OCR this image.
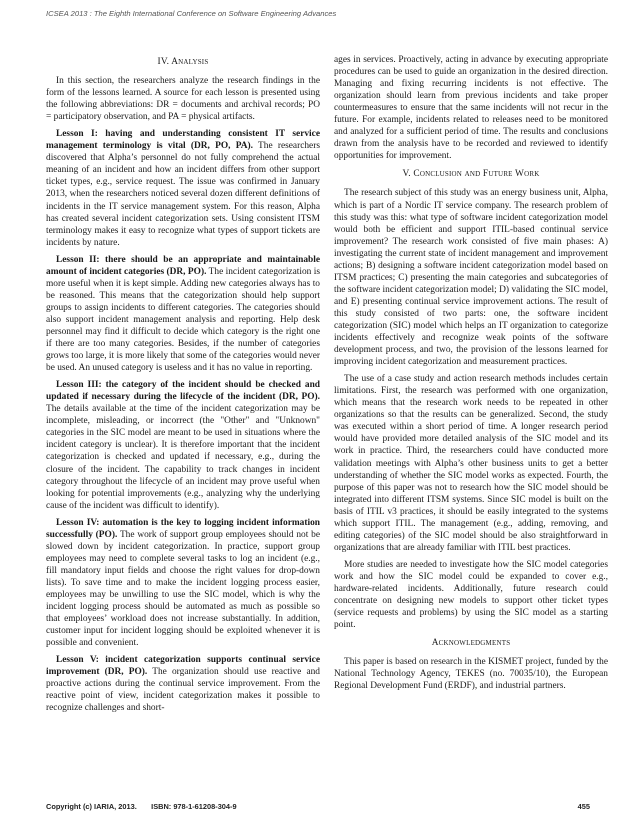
ICSEA 2013 : The Eighth International Conference on Software Engineering Advances
IV. Analysis

In this section, the researchers analyze the research findings in the form of the lessons learned. A source for each lesson is presented using the following abbreviations: DR = documents and archival records; PO = participatory observation, and PA = physical artifacts.

Lesson I: having and understanding consistent IT service management terminology is vital (DR, PO, PA). The researchers discovered that Alpha’s personnel do not fully comprehend the actual meaning of an incident and how an incident differs from other support ticket types, e.g., service request. The issue was confirmed in January 2013, when the researchers noticed several dozen different definitions of incidents in the IT service management system. For this reason, Alpha has created several incident categorization sets. Using consistent ITSM terminology makes it easy to recognize what types of support tickets are incidents by nature.

Lesson II: there should be an appropriate and maintainable amount of incident categories (DR, PO). The incident categorization is more useful when it is kept simple. Adding new categories always has to be reasoned. This means that the categorization should help support groups to assign incidents to different categories. The categories should also support incident management analysis and reporting. Help desk personnel may find it difficult to decide which category is the right one if there are too many categories. Besides, if the number of categories grows too large, it is more likely that some of the categories would never be used. An unused category is useless and it has no value in reporting.

Lesson III: the category of the incident should be checked and updated if necessary during the lifecycle of the incident (DR, PO). The details available at the time of the incident categorization may be incomplete, misleading, or incorrect (the "Other" and "Unknown" categories in the SIC model are meant to be used in situations where the incident category is unclear). It is therefore important that the incident categorization is checked and updated if necessary, e.g., during the closure of the incident. The capability to track changes in incident category throughout the lifecycle of an incident may prove useful when looking for potential improvements (e.g., analyzing why the underlying cause of the incident was difficult to identify).

Lesson IV: automation is the key to logging incident information successfully (PO). The work of support group employees should not be slowed down by incident categorization. In practice, support group employees may need to complete several tasks to log an incident (e.g., fill mandatory input fields and choose the right values for drop-down lists). To save time and to make the incident logging process easier, employees may be unwilling to use the SIC model, which is why the incident logging process should be automated as much as possible so that employees’ workload does not increase substantially. In addition, customer input for incident logging should be exploited whenever it is possible and convenient.

Lesson V: incident categorization supports continual service improvement (DR, PO). The organization should use reactive and proactive actions during the continual service improvement. From the reactive point of view, incident categorization makes it possible to recognize challenges and short-

ages in services. Proactively, acting in advance by executing appropriate procedures can be used to guide an organization in the desired direction. Managing and fixing recurring incidents is not effective. The organization should learn from previous incidents and take proper countermeasures to ensure that the same incidents will not recur in the future. For example, incidents related to releases need to be monitored and analyzed for a sufficient period of time. The results and conclusions drawn from the analysis have to be recorded and reviewed to identify opportunities for improvement.

V. Conclusion and Future Work

The research subject of this study was an energy business unit, Alpha, which is part of a Nordic IT service company. The research problem of this study was this: what type of software incident categorization model would both be efficient and support ITIL-based continual service improvement? The research work consisted of five main phases: A) investigating the current state of incident management and improvement actions; B) designing a software incident categorization model based on ITSM practices; C) presenting the main categories and subcategories of the software incident categorization model; D) validating the SIC model, and E) presenting continual service improvement actions. The result of this study consisted of two parts: one, the software incident categorization (SIC) model which helps an IT organization to categorize incidents effectively and recognize weak points of the software development process, and two, the provision of the lessons learned for improving incident categorization and measurement practices.

The use of a case study and action research methods includes certain limitations. First, the research was performed with one organization, which means that the research work needs to be repeated in other organizations so that the results can be generalized. Second, the study was executed within a short period of time. A longer research period would have provided more detailed analysis of the SIC model and its work in practice. Third, the researchers could have conducted more validation meetings with Alpha’s other business units to get a better understanding of whether the SIC model works as expected. Fourth, the purpose of this paper was not to research how the SIC model should be integrated into different ITSM systems. Since SIC model is built on the basis of ITIL v3 practices, it should be easily integrated to the systems which support ITIL. The management (e.g., adding, removing, and editing categories) of the SIC model should be also straightforward in organizations that are already familiar with ITIL best practices.

More studies are needed to investigate how the SIC model categories work and how the SIC model could be expanded to cover e.g., hardware-related incidents. Additionally, future research could concentrate on designing new models to support other ticket types (service requests and problems) by using the SIC model as a starting point.

Acknowledgments

This paper is based on research in the KISMET project, funded by the National Technology Agency, TEKES (no. 70035/10), the European Regional Development Fund (ERDF), and industrial partners.

Copyright (c) IARIA, 2013. ISBN: 978-1-61208-304-9	455
